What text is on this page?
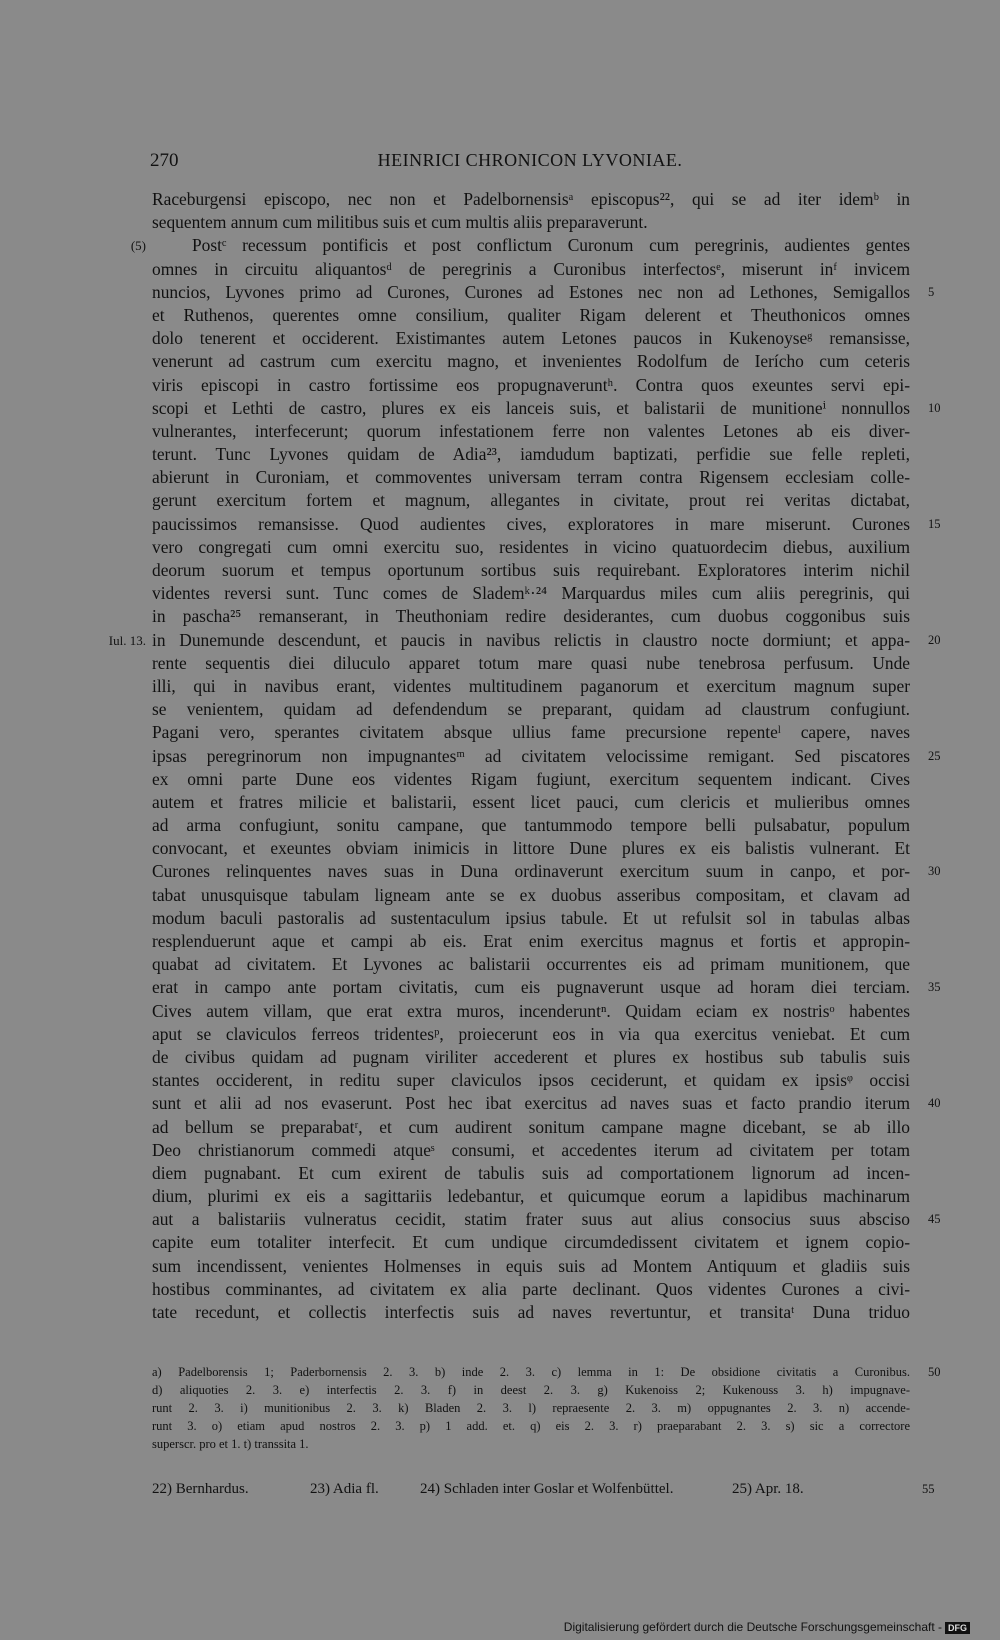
270	HEINRICI CHRONICON LYVONIAE.
Raceburgensi episcopo, nec non et Padelbornensisᵃ episcopus²², qui se ad iter idemᵇ in
sequentem annum cum militibus suis et cum multis aliis preparaverunt.
Postᶜ recessum pontificis et post conflictum Curonum cum peregrinis, audientes gentes
(5)
omnes in circuitu aliquantosᵈ de peregrinis a Curonibus interfectosᵉ, miserunt inᶠ invicem
nuncios, Lyvones primo ad Curones, Curones ad Estones nec non ad Lethones, Semigallos 5
et Ruthenos, querentes omne consilium, qualiter Rigam delerent et Theuthonicos omnes
dolo tenerent et occiderent. Existimantes autem Letones paucos in Kukenoyseᵍ remansisse,
venerunt ad castrum cum exercitu magno, et invenientes Rodolfum de Ierícho cum ceteris
viris episcopi in castro fortissime eos propugnaveruntʰ. Contra quos exeuntes servi epi-
scopi et Lethti de castro, plures ex eis lanceis suis, et balistarii de munitioneⁱ nonnullos 10
vulnerantes, interfecerunt; quorum infestationem ferre non valentes Letones ab eis diver-
terunt. Tunc Lyvones quidam de Adia²³, iamdudum baptizati, perfidie sue felle repleti,
abierunt in Curoniam, et commoventes universam terram contra Rigensem ecclesiam colle-
gerunt exercitum fortem et magnum, allegantes in civitate, prout rei veritas dictabat,
paucissimos remansisse. Quod audientes cives, exploratores in mare miserunt. Curones 15
vero congregati cum omni exercitu suo, residentes in vicino quatuordecim diebus, auxilium
deorum suorum et tempus oportunum sortibus suis requirebant. Exploratores interim nichil
videntes reversi sunt. Tunc comes de Slademᵏ·²⁴ Marquardus miles cum aliis peregrinis, qui
in pascha²⁵ remanserant, in Theuthoniam redire desiderantes, cum duobus coggonibus suis
in Dunemunde descendunt, et paucis in navibus relictis in claustro nocte dormiunt; et appa- 20
Iul. 13.
rente sequentis diei diluculo apparet totum mare quasi nube tenebrosa perfusum. Unde
illi, qui in navibus erant, videntes multitudinem paganorum et exercitum magnum super
se venientem, quidam ad defendendum se preparant, quidam ad claustrum confugiunt.
Pagani vero, sperantes civitatem absque ullius fame precursione repenteˡ capere, naves
ipsas peregrinorum non impugnantesᵐ ad civitatem velocissime remigant. Sed piscatores 25
ex omni parte Dune eos videntes Rigam fugiunt, exercitum sequentem indicant. Cives
autem et fratres milicie et balistarii, essent licet pauci, cum clericis et mulieribus omnes
ad arma confugiunt, sonitu campane, que tantummodo tempore belli pulsabatur, populum
convocant, et exeuntes obviam inimicis in littore Dune plures ex eis balistis vulnerant. Et
Curones relinquentes naves suas in Duna ordinaverunt exercitum suum in canpo, et por- 30
tabat unusquisque tabulam ligneam ante se ex duobus asseribus compositam, et clavam ad
modum baculi pastoralis ad sustentaculum ipsius tabule. Et ut refulsit sol in tabulas albas
resplenduerunt aque et campi ab eis. Erat enim exercitus magnus et fortis et appropin-
quabat ad civitatem. Et Lyvones ac balistarii occurrentes eis ad primam munitionem, que
erat in campo ante portam civitatis, cum eis pugnaverunt usque ad horam diei terciam. 35
Cives autem villam, que erat extra muros, incenderuntⁿ. Quidam eciam ex nostrisᵒ habentes
aput se claviculos ferreos tridentesᵖ, proiecerunt eos in via qua exercitus veniebat. Et cum
de civibus quidam ad pugnam viriliter accederent et plures ex hostibus sub tabulis suis
stantes occiderent, in reditu super claviculos ipsos ceciderunt, et quidam ex ipsisᵠ occisi
sunt et alii ad nos evaserunt. Post hec ibat exercitus ad naves suas et facto prandio iterum 40
ad bellum se preparabatʳ, et cum audirent sonitum campane magne dicebant, se ab illo
Deo christianorum commedi atqueˢ consumi, et accedentes iterum ad civitatem per totam
diem pugnabant. Et cum exirent de tabulis suis ad comportationem lignorum ad incen-
dium, plurimi ex eis a sagittariis ledebantur, et quicumque eorum a lapidibus machinarum
aut a balistariis vulneratus cecidit, statim frater suus aut alius consocius suus absciso 45
capite eum totaliter interfecit. Et cum undique circumdedissent civitatem et ignem copio-
sum incendissent, venientes Holmenses in equis suis ad Montem Antiquum et gladiis suis
hostibus comminantes, ad civitatem ex alia parte declinant. Quos videntes Curones a civi-
tate recedunt, et collectis interfectis suis ad naves revertuntur, et transitaᵗ Duna triduo
a) Padelborensis 1; Paderbornensis 2. 3. b) inde 2. 3. c) lemma in 1: De obsidione civitatis a Curonibus. 50
d) aliquoties 2. 3. e) interfectis 2. 3. f) in deest 2. 3. g) Kukenoiss 2; Kukenouss 3. h) impugnave-
runt 2. 3. i) munitionibus 2. 3. k) Bladen 2. 3. l) repraesente 2. 3. m) oppugnantes 2. 3. n) accende-
runt 3. o) etiam apud nostros 2. 3. p) 1 add. et. q) eis 2. 3. r) praeparabant 2. 3. s) sic a correctore
superscr. pro et 1. t) transsita 1.
22) Bernhardus.	23) Adia fl.	24) Schladen inter Goslar et Wolfenbüttel.	25) Apr. 18.	55
Digitalisierung gefördert durch die Deutsche Forschungsgemeinschaft - DFG
